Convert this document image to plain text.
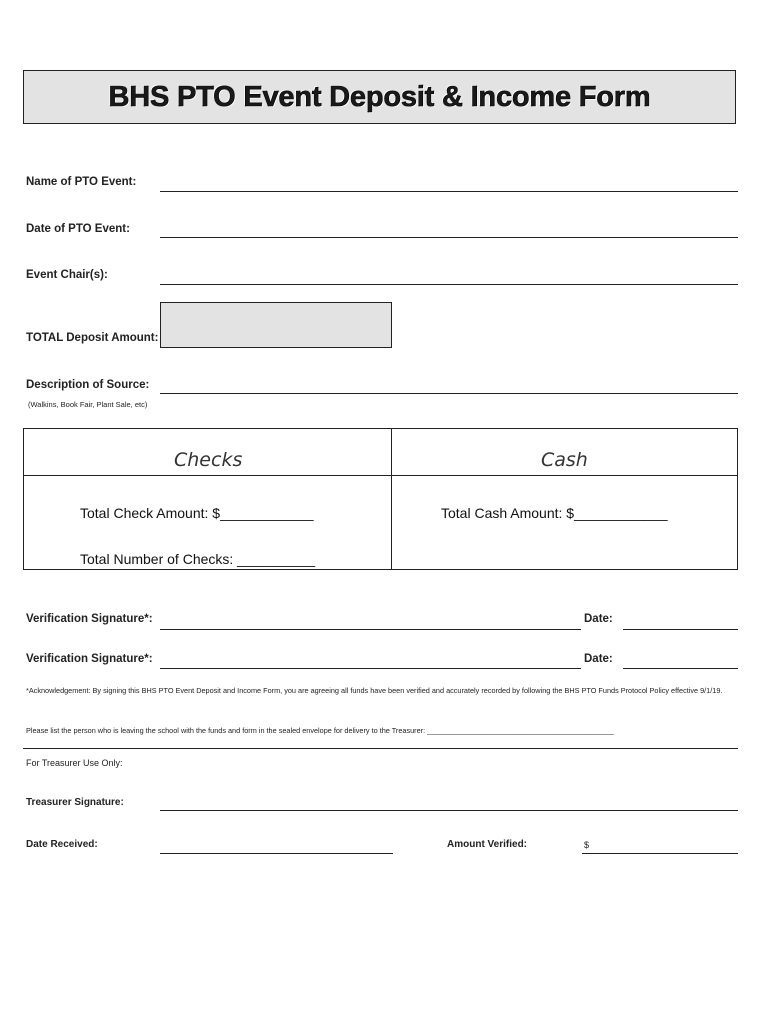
BHS PTO Event Deposit & Income Form
Name of PTO Event:
Date of PTO Event:
Event Chair(s):
TOTAL Deposit Amount:
Description of Source:
(Walkins, Book Fair, Plant Sale, etc)
Checks	Cash
Total Check Amount: $____________
Total Number of Checks: __________
Total Cash Amount: $____________
Verification Signature*:	Date:
Verification Signature*:	Date:
*Acknowledgement: By signing this BHS PTO Event Deposit and Income Form, you are agreeing all funds have been verified and accurately recorded by following the BHS PTO Funds Protocol Policy effective 9/1/19.
Please list the person who is leaving the school with the funds and form in the sealed envelope for delivery to the Treasurer: ______________________________________________
For Treasurer Use Only:
Treasurer Signature:
Date Received:	Amount Verified:	$
